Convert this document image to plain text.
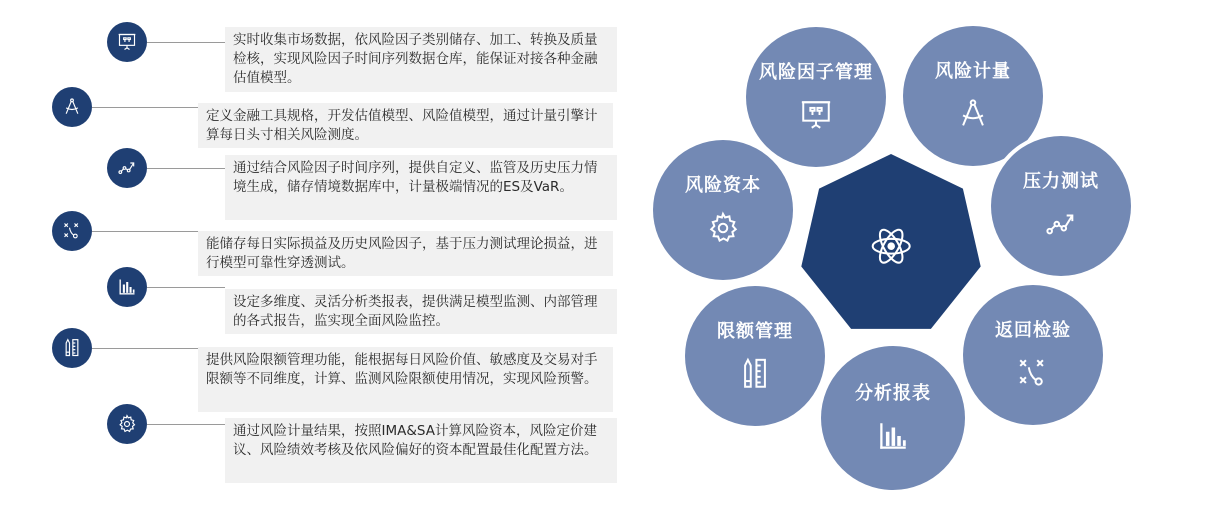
实时收集市场数据，依风险因子类别储存、加工、转换及质量检核，实现风险因子时间序列数据仓库，能保证对接各种金融估值模型。
定义金融工具规格，开发估值模型、风险值模型，通过计量引擎计算每日头寸相关风险测度。
通过结合风险因子时间序列，提供自定义、监管及历史压力情境生成，储存情境数据库中，计量极端情况的ES及VaR。
能储存每日实际损益及历史风险因子，基于压力测试理论损益，进行模型可靠性穿透测试。
设定多维度、灵活分析类报表，提供满足模型监测、内部管理的各式报告，监实现全面风险监控。
提供风险限额管理功能，能根据每日风险价值、敏感度及交易对手限额等不同维度，计算、监测风险限额使用情况，实现风险预警。
通过风险计量结果，按照IMA&SA计算风险资本，风险定价建议、风险绩效考核及依风险偏好的资本配置最佳化配置方法。
风险因子管理	风险计量
压力测试
返回检验
分析报表
限额管理
风险资本
